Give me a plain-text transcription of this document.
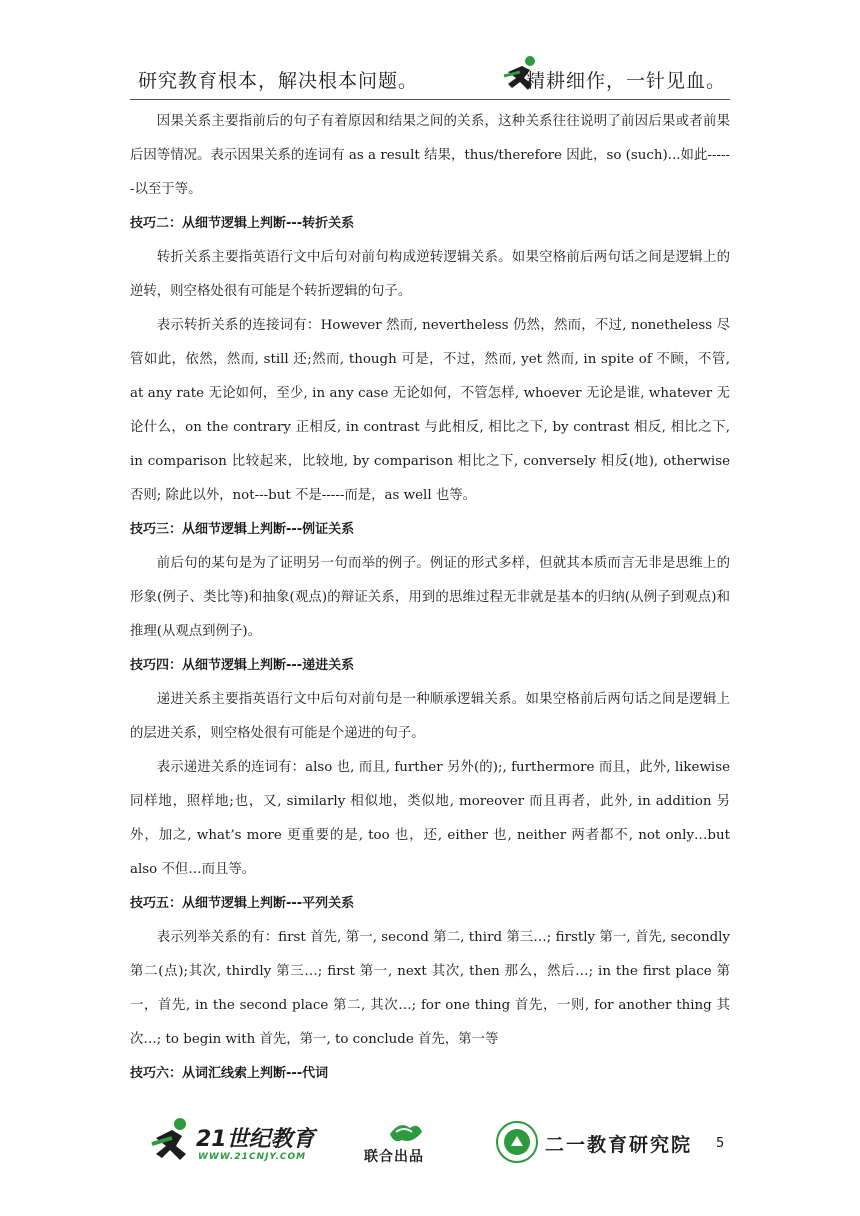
研究教育根本，解决根本问题。	精耕细作，一针见血。

因果关系主要指前后的句子有着原因和结果之间的关系，这种关系往往说明了前因后果或者前果后因等情况。表示因果关系的连词有 as a result 结果，thus/therefore 因此，so (such)...如此------以至于等。

技巧二：从细节逻辑上判断---转折关系

转折关系主要指英语行文中后句对前句构成逆转逻辑关系。如果空格前后两句话之间是逻辑上的逆转，则空格处很有可能是个转折逻辑的句子。

表示转折关系的连接词有：However 然而, nevertheless 仍然，然而，不过, nonetheless 尽管如此，依然，然而, still 还;然而, though 可是，不过，然而, yet 然而, in spite of 不顾，不管, at any rate 无论如何，至少, in any case 无论如何，不管怎样, whoever 无论是谁, whatever 无论什么，on the contrary 正相反, in contrast 与此相反, 相比之下, by contrast 相反, 相比之下, in comparison 比较起来，比较地, by comparison 相比之下, conversely 相反(地), otherwise 否则; 除此以外，not---but 不是-----而是，as well 也等。

技巧三：从细节逻辑上判断---例证关系

前后句的某句是为了证明另一句而举的例子。例证的形式多样，但就其本质而言无非是思维上的形象(例子、类比等)和抽象(观点)的辩证关系，用到的思维过程无非就是基本的归纳(从例子到观点)和推理(从观点到例子)。

技巧四：从细节逻辑上判断---递进关系

递进关系主要指英语行文中后句对前句是一种顺承逻辑关系。如果空格前后两句话之间是逻辑上的层进关系，则空格处很有可能是个递进的句子。

表示递进关系的连词有：also 也, 而且, further 另外(的);, furthermore 而且，此外, likewise 同样地，照样地;也，又, similarly 相似地，类似地, moreover 而且再者，此外, in addition 另外，加之, what’s more 更重要的是, too 也，还, either 也, neither 两者都不, not only…but also 不但…而且等。

技巧五：从细节逻辑上判断---平列关系

表示列举关系的有：first 首先, 第一, second 第二, third 第三…; firstly 第一, 首先, secondly 第二(点);其次, thirdly 第三…; first 第一, next 其次, then 那么，然后…; in the first place 第一，首先, in the second place 第二, 其次…; for one thing 首先，一则, for another thing 其次…; to begin with 首先，第一, to conclude 首先，第一等

技巧六：从词汇线索上判断---代词

21世纪教育
WWW.21CNJY.COM	联合出品
二一教育研究院 5
